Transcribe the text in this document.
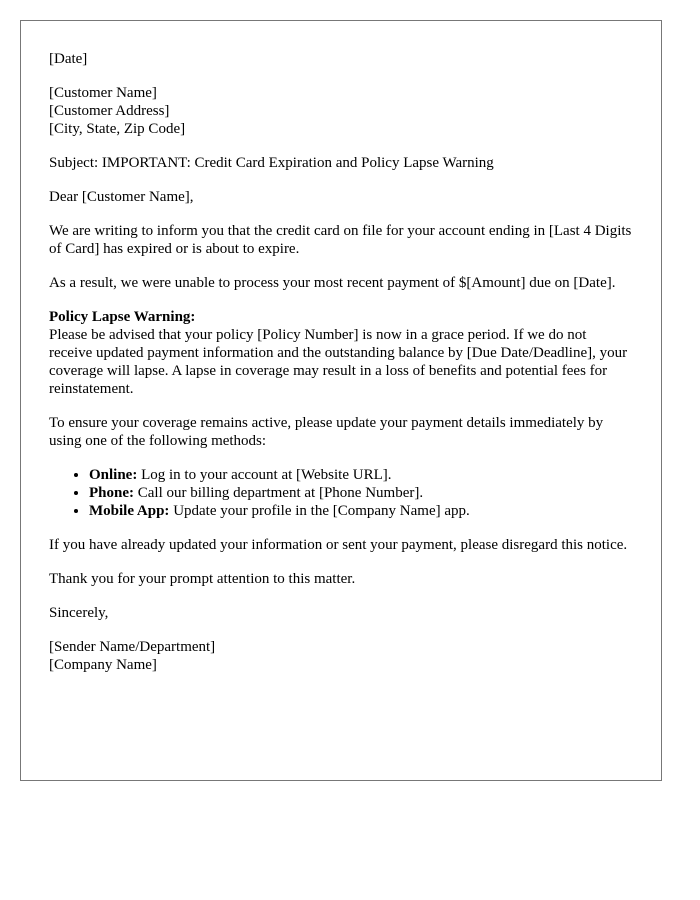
[Date]

[Customer Name]
[Customer Address]
[City, State, Zip Code]

Subject: IMPORTANT: Credit Card Expiration and Policy Lapse Warning

Dear [Customer Name],

We are writing to inform you that the credit card on file for your account ending in [Last 4 Digits of Card] has expired or is about to expire.

As a result, we were unable to process your most recent payment of $[Amount] due on [Date].

Policy Lapse Warning:
Please be advised that your policy [Policy Number] is now in a grace period. If we do not receive updated payment information and the outstanding balance by [Due Date/Deadline], your coverage will lapse. A lapse in coverage may result in a loss of benefits and potential fees for reinstatement.

To ensure your coverage remains active, please update your payment details immediately by using one of the following methods:

• Online: Log in to your account at [Website URL].
• Phone: Call our billing department at [Phone Number].
• Mobile App: Update your profile in the [Company Name] app.

If you have already updated your information or sent your payment, please disregard this notice.

Thank you for your prompt attention to this matter.

Sincerely,

[Sender Name/Department]
[Company Name]
